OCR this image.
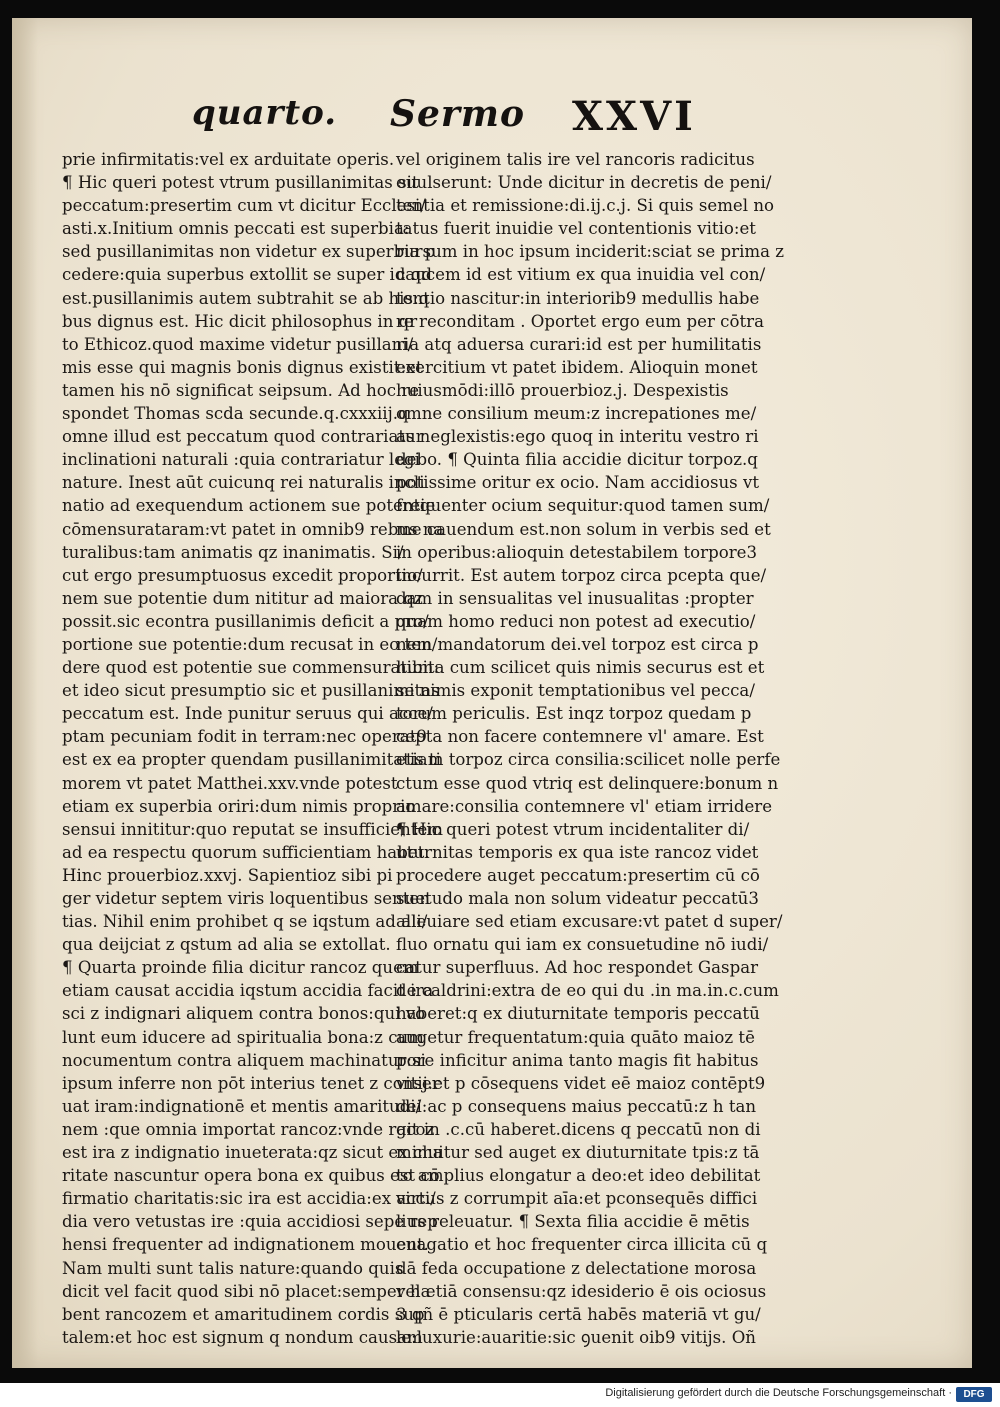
quarto. Sermo XXVI
prie infirmitatis:vel ex arduitate operis.
¶ Hic queri potest vtrum pusillanimitas sit
peccatum:presertim cum vt dicitur Ecclesi/
asti.x.Initium omnis peccati est superbia:
sed pusillanimitas non videtur ex superbia p
cedere:quia superbus extollit se super id qd
est.pusillanimis autem subtrahit se ab his:q
bus dignus est. Hic dicit philosophus in qr
to Ethicoz.quod maxime videtur pusillani/
mis esse qui magnis bonis dignus existit:et
tamen his nō significat seipsum. Ad hoc re
spondet Thomas scda secunde.q.cxxxiij.q
omne illud est peccatum quod contrariatur
inclinationi naturali :quia contrariatur legi
nature. Inest aūt cuicunq rei naturalis incli
natio ad exequendum actionem sue potentie
cōmensurataram:vt patet in omnib9 rebus na
turalibus:tam animatis qz inanimatis. Si/
cut ergo presumptuosus excedit proportio/
nem sue potentie dum nititur ad maiora qz
possit.sic econtra pusillanimis deficit a pro/
portione sue potentie:dum recusat in eo ten/
dere quod est potentie sue commensuratum:
et ideo sicut presumptio sic et pusillanimitas
peccatum est. Inde punitur seruus qui acce/
ptam pecuniam fodit in terram:nec operat9
est ex ea propter quendam pusillanimitatis ti
morem vt patet Matthei.xxv.vnde potest
etiam ex superbia oriri:dum nimis proprio
sensui innititur:quo reputat se insufficientem
ad ea respectu quorum sufficientiam habet.
Hinc prouerbioz.xxvj. Sapientioz sibi pi
ger videtur septem viris loquentibus senten
tias. Nihil enim prohibet q se iqstum ad ali/
qua deijciat z qstum ad alia se extollat.
¶ Quarta proinde filia dicitur rancoz quem
etiam causat accidia iqstum accidia facit ira
sci z indignari aliquem contra bonos:qui vo
lunt eum iducere ad spiritualia bona:z cum
nocumentum contra aliquem machinatur:si
ipsum inferre non pōt interius tenet z conser
uat iram:indignationē et mentis amaritudi/
nem :que omnia importat rancoz:vnde racoz
est ira z indignatio inueterata:qz sicut ex cha
ritate nascuntur opera bona ex quibus est cō
firmatio charitatis:sic ira est accidia:ex acci/
dia vero vetustas ire :quia accidiosi sepe rep
hensi frequenter ad indignationem mouent.
Nam multi sunt talis nature:quando quis
dicit vel facit quod sibi nō placet:semper ha
bent rancozem et amaritudinem cordis sup
talem:et hoc est signum q nondum causam
vel originem talis ire vel rancoris radicitus
euulserunt: Unde dicitur in decretis de peni/
tentia et remissione:di.ij.c.j. Si quis semel no
tatus fuerit inuidie vel contentionis vitio:et
rursum in hoc ipsum inciderit:sciat se prima z
caucem id est vitium ex qua inuidia vel con/
tentio nascitur:in interiorib9 medullis habe
re reconditam . Oportet ergo eum per cōtra
ria atq aduersa curari:id est per humilitatis
exercitium vt patet ibidem. Alioquin monet
huiusmōdi:illō prouerbioz.j. Despexistis
omne consilium meum:z increpationes me/
as neglexistis:ego quoq in interitu vestro ri
debo. ¶ Quinta filia accidie dicitur torpoz.q
potissime oritur ex ocio. Nam accidiosus vt
frequenter ocium sequitur:quod tamen sum/
me cauendum est.non solum in verbis sed et
in operibus:alioquin detestabilem torpore3
incurrit. Est autem torpoz circa pcepta que/
dam in sensualitas vel inusualitas :propter
quam homo reduci non potest ad executio/
nem mandatorum dei.vel torpoz est circa p
hibita cum scilicet quis nimis securus est et
se nimis exponit temptationibus vel pecca/
torum periculis. Est inqz torpoz quedam p
cepta non facere contemnere vl' amare. Est
etiam torpoz circa consilia:scilicet nolle perfe
ctum esse quod vtriq est delinquere:bonum n
amare:consilia contemnere vl' etiam irridere
¶ Hic queri potest vtrum incidentaliter di/
uturnitas temporis ex qua iste rancoz videt
procedere auget peccatum:presertim cū cō
suetudo mala non solum videatur peccatū3
alleuiare sed etiam excusare:vt patet d super/
fluo ornatu qui iam ex consuetudine nō iudi/
catur superfluus. Ad hoc respondet Gaspar
de caldrini:extra de eo qui du .in ma.in.c.cum
haberet:q ex diuturnitate temporis peccatū
augetur frequentatum:quia quāto maioz tē
pore inficitur anima tanto magis fit habitus
vitij.et p cōsequens videt eē maioz contēpt9
dei:ac p consequens maius peccatū:z h tan
git in .c.cū haberet.dicens q peccatū non di
minuitur sed auget ex diuturnitate tpis:z tā
to amplius elongatur a deo:et ideo debilitat
virtus z corrumpit aīa:et pconsequēs diffici
lius releuatur. ¶ Sexta filia accidie ē mētis
euagatio et hoc frequenter circa illicita cū q
dā feda occupatione z delectatione morosa
vel etiā consensu:qz idesiderio ē ois ociosus
3 qñ ē pticularis certā habēs materiā vt gu/
le:luxurie:auaritie:sic ꝯuenit oib9 vitijs. Oñ
Digitalisierung gefördert durch die Deutsche Forschungsgemeinschaft ·	DFG
